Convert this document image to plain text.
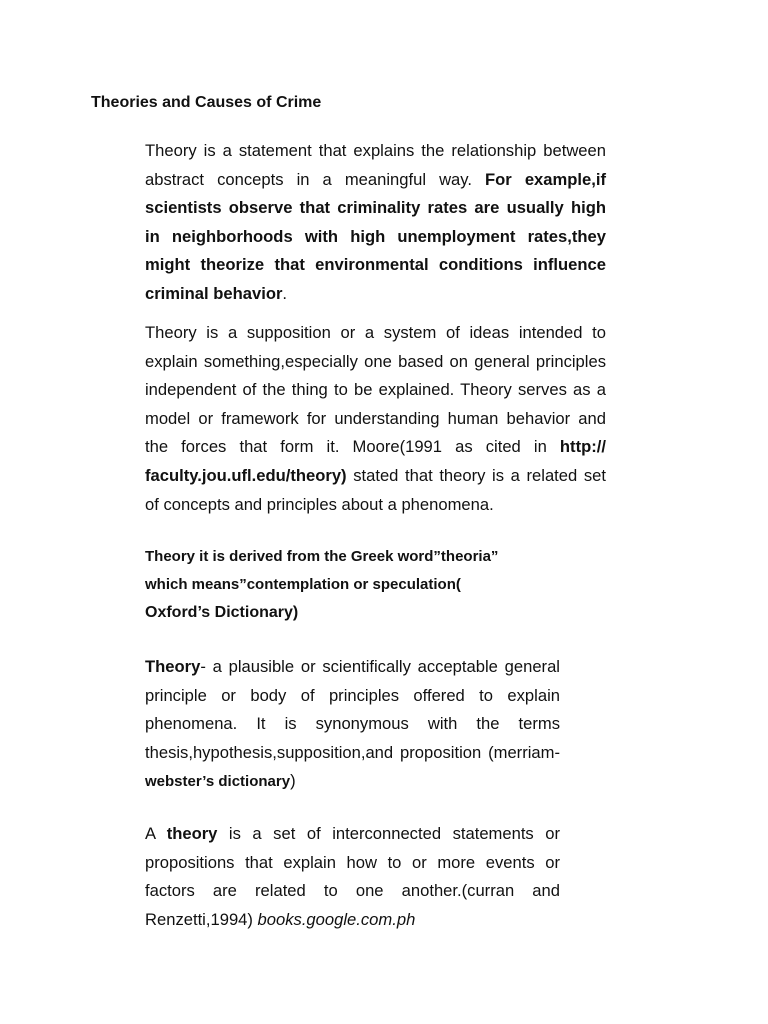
Theories and Causes of Crime

Theory is a statement that explains the relationship between abstract concepts in a meaningful way. For example,if scientists observe that criminality rates are usually high in neighborhoods with high unemployment rates,they might theorize that environmental conditions influence criminal behavior.

Theory is a supposition or a system of ideas intended to explain something,especially one based on general principles independent of the thing to be explained. Theory serves as a model or framework for understanding human behavior and the forces that form it. Moore(1991 as cited in http:// faculty.jou.ufl.edu/theory) stated that theory is a related set of concepts and principles about a phenomena.

Theory it is derived from the Greek word”theoria”
which means”contemplation or speculation(
Oxford’s Dictionary)

Theory- a plausible or scientifically acceptable general principle or body of principles offered to explain phenomena. It is synonymous with the terms thesis,hypothesis,supposition,and proposition (merriam-webster’s dictionary)

A theory is a set of interconnected statements or propositions that explain how to or more events or factors are related to one another.(curran and Renzetti,1994) books.google.com.ph
